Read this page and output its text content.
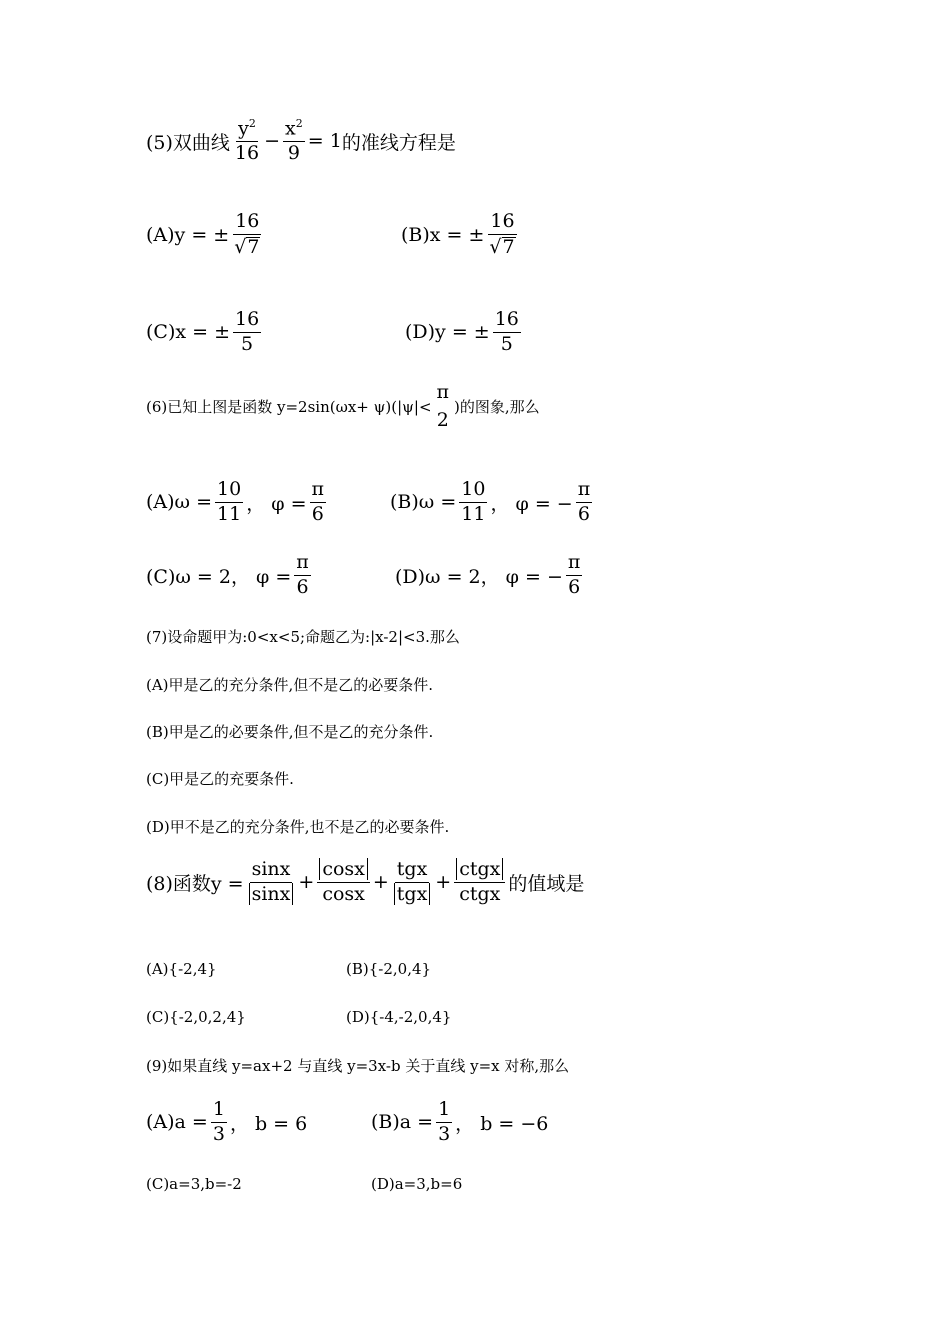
(5)双曲线 $\frac{y^2}{16} - \frac{x^2}{9} = 1$ 的准线方程是
(A)y = ± $\frac{16}{√ 7}$	(B)x = ± $\frac{16}{√ 7}$
(C)x = ± $\frac{16}{5}$	(D)y = ± $\frac{16}{5}$
(6)已知上图是函数 y=2sin(ωx+ ψ)(|ψ|<
π
2
)的图象,那么
$(A)\omega = \frac{10}{11}$ ， $\varphi = \frac{\pi}{6}$	$(B)\omega = \frac{10}{11}$ ， φ = − $\frac{\pi}{6}$
(C)ω = 2， $\varphi = \frac{\pi}{6}$	(D)ω = 2， φ = − $\frac{\pi}{6}$
(7)设命题甲为:0<x<5;命题乙为:|x-2|<3.那么
(A)甲是乙的充分条件,但不是乙的必要条件.
(B)甲是乙的必要条件,但不是乙的充分条件.
(C)甲是乙的充要条件.
(D)甲不是乙的充分条件,也不是乙的必要条件.
(8)函数$y = \frac{\sin x}{\sin x} + \frac{\cos x}{\cos x} + \frac{\text{tgx}}{\text{tgx}} + \frac{\text{ctgx}}{\text{ctgx}}$ 的值域是
(A){-2,4}	(B){-2,0,4}
(C){-2,0,2,4}	(D){-4,-2,0,4}
(9)如果直线 y=ax+2 与直线 y=3x-b 关于直线 y=x 对称,那么
$(A)a = \frac{1}{3}$ ， b = 6	$(B)a = \frac{1}{3}$ ， b = −6
(C)a=3,b=-2	(D)a=3,b=6
